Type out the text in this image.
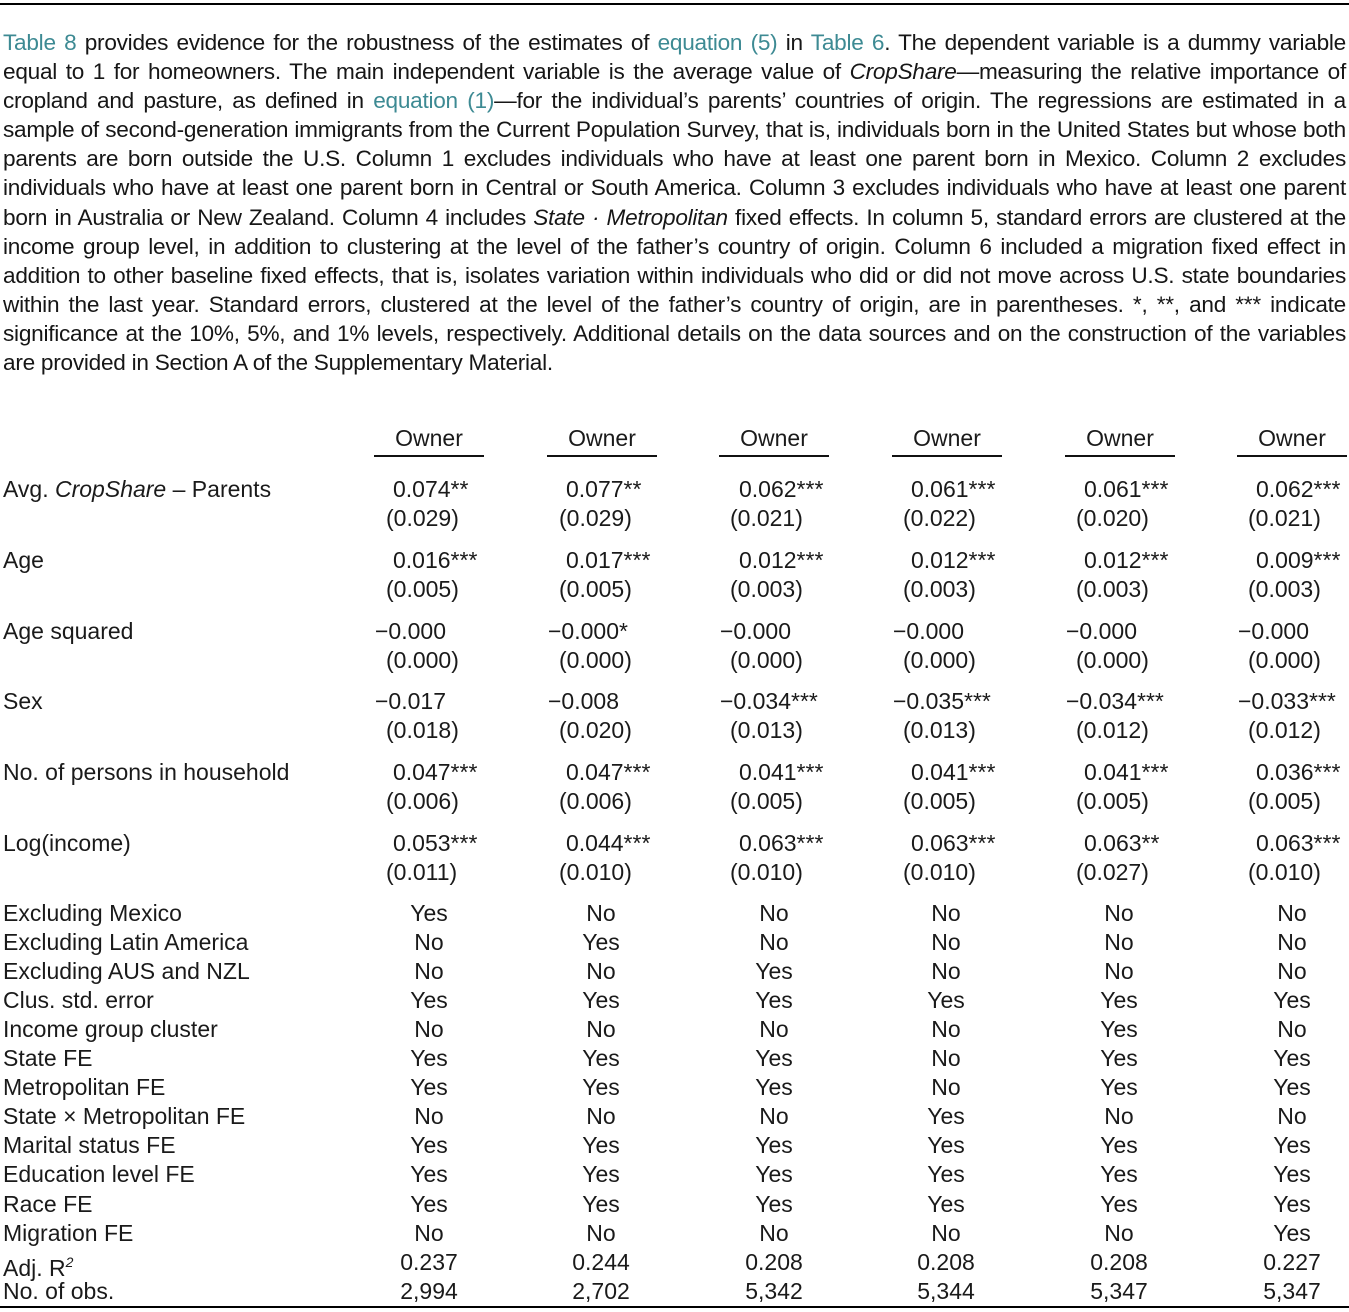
Table 8 provides evidence for the robustness of the estimates of equation (5) in Table 6. The dependent variable is a dummy variable equal to 1 for homeowners. The main independent variable is the average value of CropShare—measuring the relative importance of cropland and pasture, as defined in equation (1)—for the individual’s parents’ countries of origin. The regressions are estimated in a sample of second-generation immigrants from the Current Population Survey, that is, individuals born in the United States but whose both parents are born outside the U.S. Column 1 excludes individuals who have at least one parent born in Mexico. Column 2 excludes individuals who have at least one parent born in Central or South America. Column 3 excludes individuals who have at least one parent born in Australia or New Zealand. Column 4 includes State · Metropolitan fixed effects. In column 5, standard errors are clustered at the income group level, in addition to clustering at the level of the father’s country of origin. Column 6 included a migration fixed effect in addition to other baseline fixed effects, that is, isolates variation within individuals who did or did not move across U.S. state boundaries within the last year. Standard errors, clustered at the level of the father’s country of origin, are in parentheses. *, **, and *** indicate significance at the 10%, 5%, and 1% levels, respectively. Additional details on the data sources and on the construction of the variables are provided in Section A of the Supplementary Material.

Owner	Owner	Owner	Owner	Owner	Owner
Avg. CropShare – Parents	0.074**	0.077**	0.062***	0.061***	0.061***	0.062***
(0.029)	(0.029)	(0.021)	(0.022)	(0.020)	(0.021)
Age	0.016***	0.017***	0.012***	0.012***	0.012***	0.009***
(0.005)	(0.005)	(0.003)	(0.003)	(0.003)	(0.003)
Age squared	−0.000	−0.000*	−0.000	−0.000	−0.000	−0.000
(0.000)	(0.000)	(0.000)	(0.000)	(0.000)	(0.000)
Sex	−0.017	−0.008	−0.034***	−0.035***	−0.034***	−0.033***
(0.018)	(0.020)	(0.013)	(0.013)	(0.012)	(0.012)
No. of persons in household	0.047***	0.047***	0.041***	0.041***	0.041***	0.036***
(0.006)	(0.006)	(0.005)	(0.005)	(0.005)	(0.005)
Log(income)	0.053***	0.044***	0.063***	0.063***	0.063**	0.063***
(0.011)	(0.010)	(0.010)	(0.010)	(0.027)	(0.010)
Excluding Mexico	Yes	No	No	No	No	No
Excluding Latin America	No	Yes	No	No	No	No
Excluding AUS and NZL	No	No	Yes	No	No	No
Clus. std. error	Yes	Yes	Yes	Yes	Yes	Yes
Income group cluster	No	No	No	No	Yes	No
State FE	Yes	Yes	Yes	No	Yes	Yes
Metropolitan FE	Yes	Yes	Yes	No	Yes	Yes
State × Metropolitan FE	No	No	No	Yes	No	No
Marital status FE	Yes	Yes	Yes	Yes	Yes	Yes
Education level FE	Yes	Yes	Yes	Yes	Yes	Yes
Race FE	Yes	Yes	Yes	Yes	Yes	Yes
Migration FE	No	No	No	No	No	Yes
Adj. $R^2$	0.237	0.244	0.208	0.208	0.208	0.227
No. of obs.	2,994	2,702	5,342	5,344	5,347	5,347
